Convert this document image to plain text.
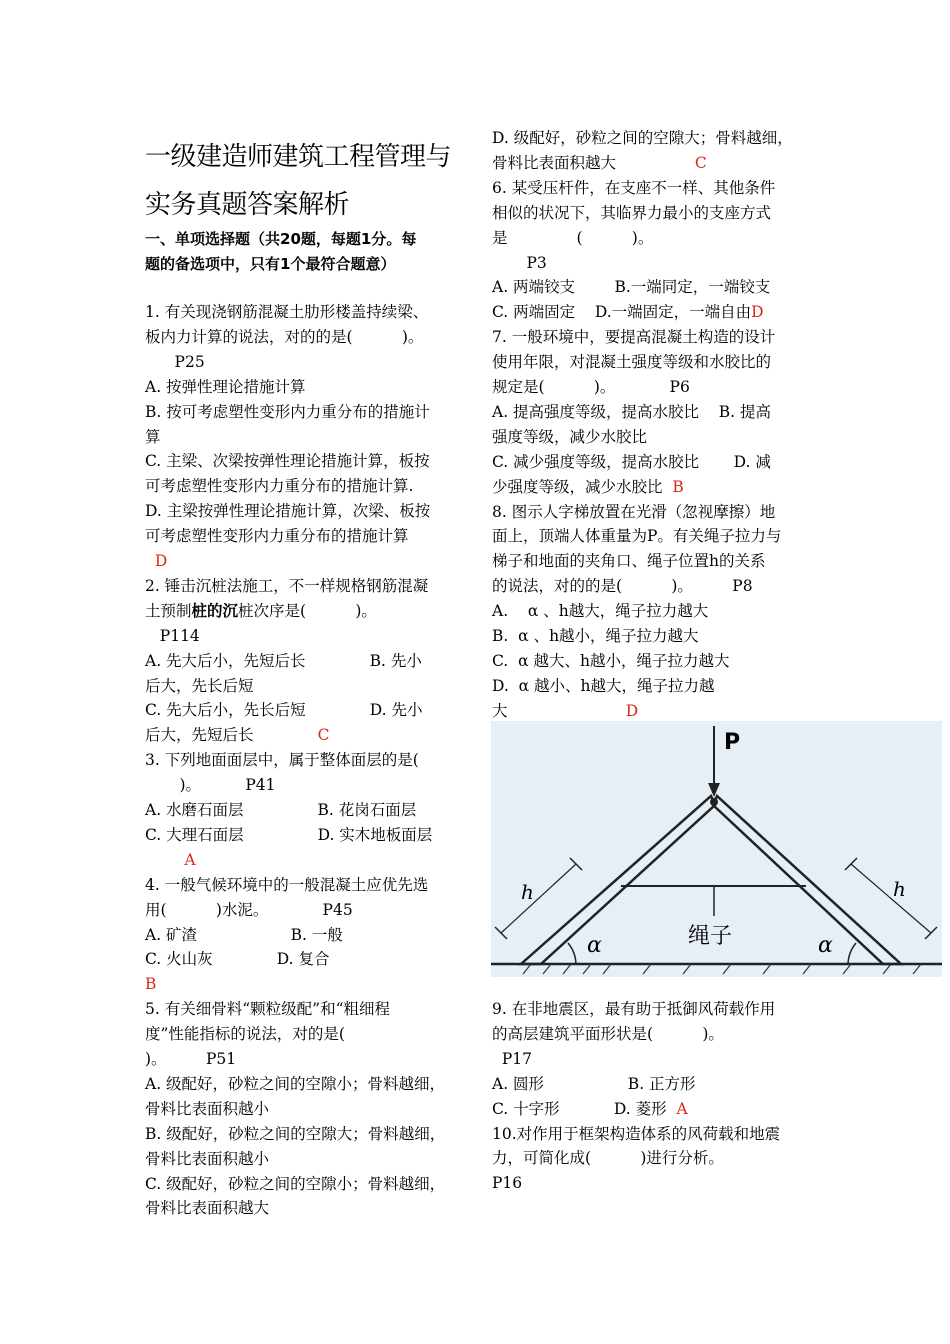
一级建造师建筑工程管理与
实务真题答案解析
一、单项选择题（共20题，每题1分。每
题的备选项中，只有1个最符合题意）
1. 有关现浇钢筋混凝土肋形楼盖持续梁、
板内力计算的说法，对的的是(          )。
P25
A. 按弹性理论措施计算
B. 按可考虑塑性变形内力重分布的措施计
算
C. 主梁、次梁按弹性理论措施计算，板按
可考虑塑性变形内力重分布的措施计算.
D. 主梁按弹性理论措施计算，次梁、板按
可考虑塑性变形内力重分布的措施计算
D
2. 锤击沉桩法施工，不一样规格钢筋混凝
土预制桩的沉桩次序是(          )。
P114
A. 先大后小，先短后长             B. 先小
后大，先长后短
C. 先大后小，先长后短             D. 先小
后大，先短后长	C
3. 下列地面面层中，属于整体面层的是(
)。         P41
A. 水磨石面层               B. 花岗石面层
C. 大理石面层               D. 实木地板面层
A
4. 一般气候环境中的一般混凝土应优先选
用(          )水泥。           P45
A. 矿渣                   B. 一般
C. 火山灰             D. 复合
B
5. 有关细骨料“颗粒级配”和“粗细程
度”性能指标的说法，对的是(
)。        P51
A. 级配好，砂粒之间的空隙小；骨料越细，
骨料比表面积越小
B. 级配好，砂粒之间的空隙大；骨料越细，
骨料比表面积越小
C. 级配好，砂粒之间的空隙小；骨料越细，
骨料比表面积越大
D. 级配好，砂粒之间的空隙大；骨料越细，
骨料比表面积越大	C
6. 某受压杆件，在支座不一样、其他条件
相似的状况下，其临界力最小的支座方式
是              (          )。
P3
A. 两端铰支        B.一端同定，一端铰支
C. 两端固定    D.一端固定，一端自由D
7. 一般环境中，要提高混凝土构造的设计
使用年限，对混凝土强度等级和水胶比的
规定是(          )。           P6
A. 提高强度等级，提高水胶比    B. 提高
强度等级，减少水胶比
C. 减少强度等级，提高水胶比       D. 减
少强度等级，减少水胶比 B
8. 图示人字梯放置在光滑（忽视摩擦）地
面上，顶端人体重量为P。有关绳子拉力与
梯子和地面的夹角口、绳子位置h的关系
的说法，对的的是(          )。        P8
A.    α 、h越大，绳子拉力越大
B.  α 、h越小，绳子拉力越大
C.  α 越大、h越小，绳子拉力越大
D.  α 越小、h越大，绳子拉力越
大	D
P
h	h
α	α
绳子
9. 在非地震区，最有助于抵御风荷载作用
的高层建筑平面形状是(          )。
P17
A. 圆形                 B. 正方形
C. 十字形           D. 菱形 A
10.对作用于框架构造体系的风荷载和地震
力，可简化成(          )进行分析。
P16
